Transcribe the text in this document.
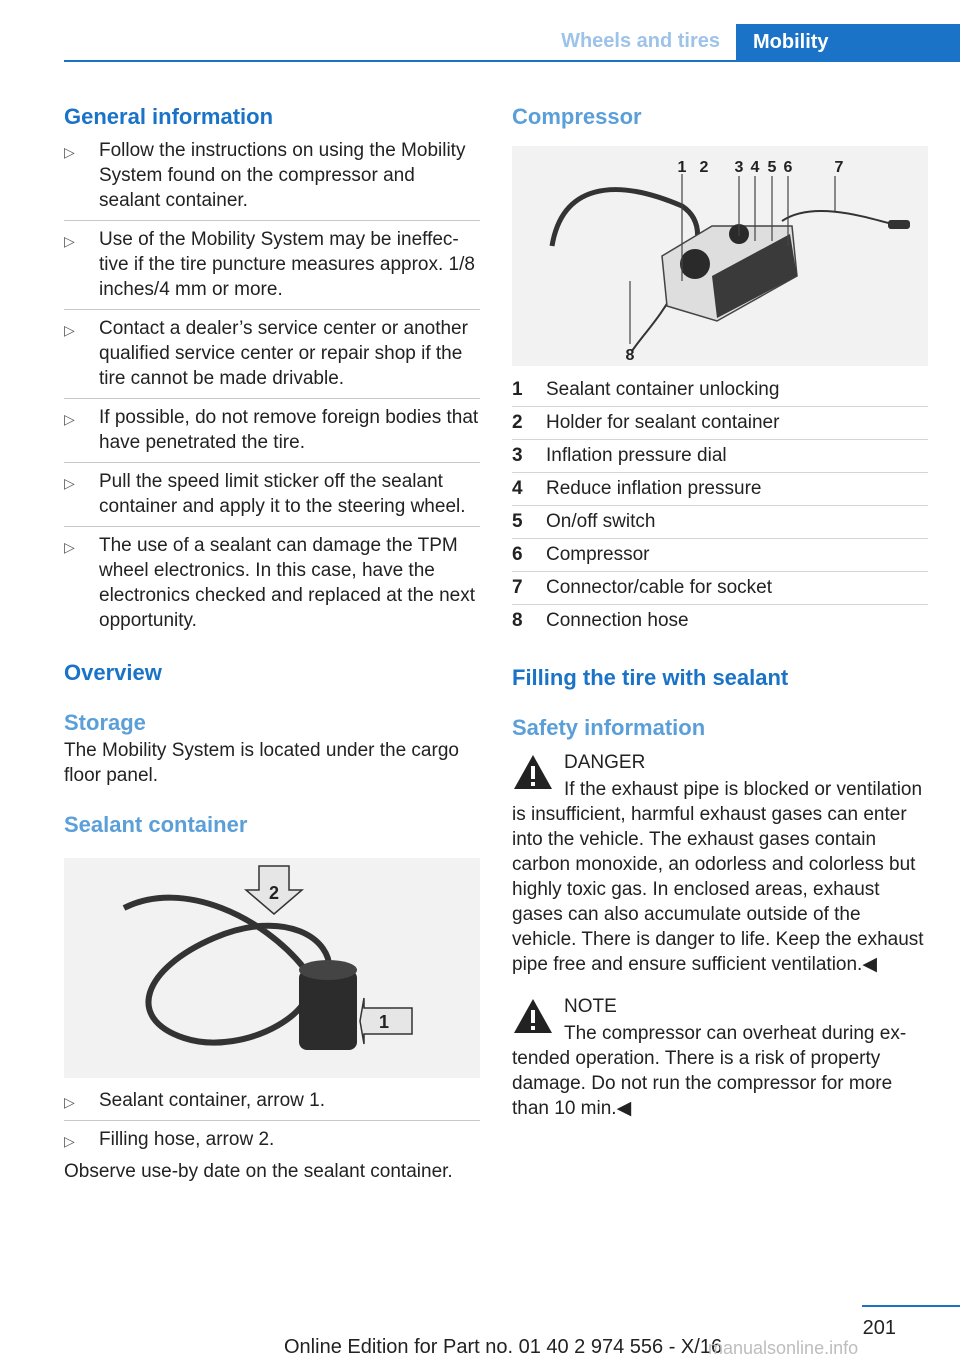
Wheels and tires	Mobility
General information
▷ Follow the instructions on using the Mobility System found on the compressor and sealant container.
▷ Use of the Mobility System may be ineffective if the tire puncture measures approx. 1/8 inches/4 mm or more.
▷ Contact a dealer’s service center or another qualified service center or repair shop if the tire cannot be made drivable.
▷ If possible, do not remove foreign bodies that have penetrated the tire.
▷ Pull the speed limit sticker off the sealant container and apply it to the steering wheel.
▷ The use of a sealant can damage the TPM wheel electronics. In this case, have the electronics checked and replaced at the next opportunity.
Overview
Storage

The Mobility System is located under the cargo floor panel.

Sealant container
2
1
▷ Sealant container, arrow 1.
▷ Filling hose, arrow 2.

Observe use-by date on the sealant container.

Compressor
1 2 3 4 5 6	7
8
1	Sealant container unlocking
2	Holder for sealant container
3	Inflation pressure dial
4	Reduce inflation pressure
5	On/off switch
6	Compressor
7	Connector/cable for socket
8	Connection hose
Filling the tire with sealant
Safety information
DANGER

If the exhaust pipe is blocked or ventilation is insufficient, harmful exhaust gases can enter into the vehicle. The exhaust gases contain carbon monoxide, an odorless and colorless but highly toxic gas. In enclosed areas, exhaust gases can also accumulate outside of the vehicle. There is danger to life. Keep the exhaust pipe free and ensure sufficient ventilation.◀

NOTE

The compressor can overheat during extended operation. There is a risk of property damage. Do not run the compressor for more than 10 min.◀

201
Online Edition for Part no. 01 40 2 974 556 - X/16
manualsonline.info
